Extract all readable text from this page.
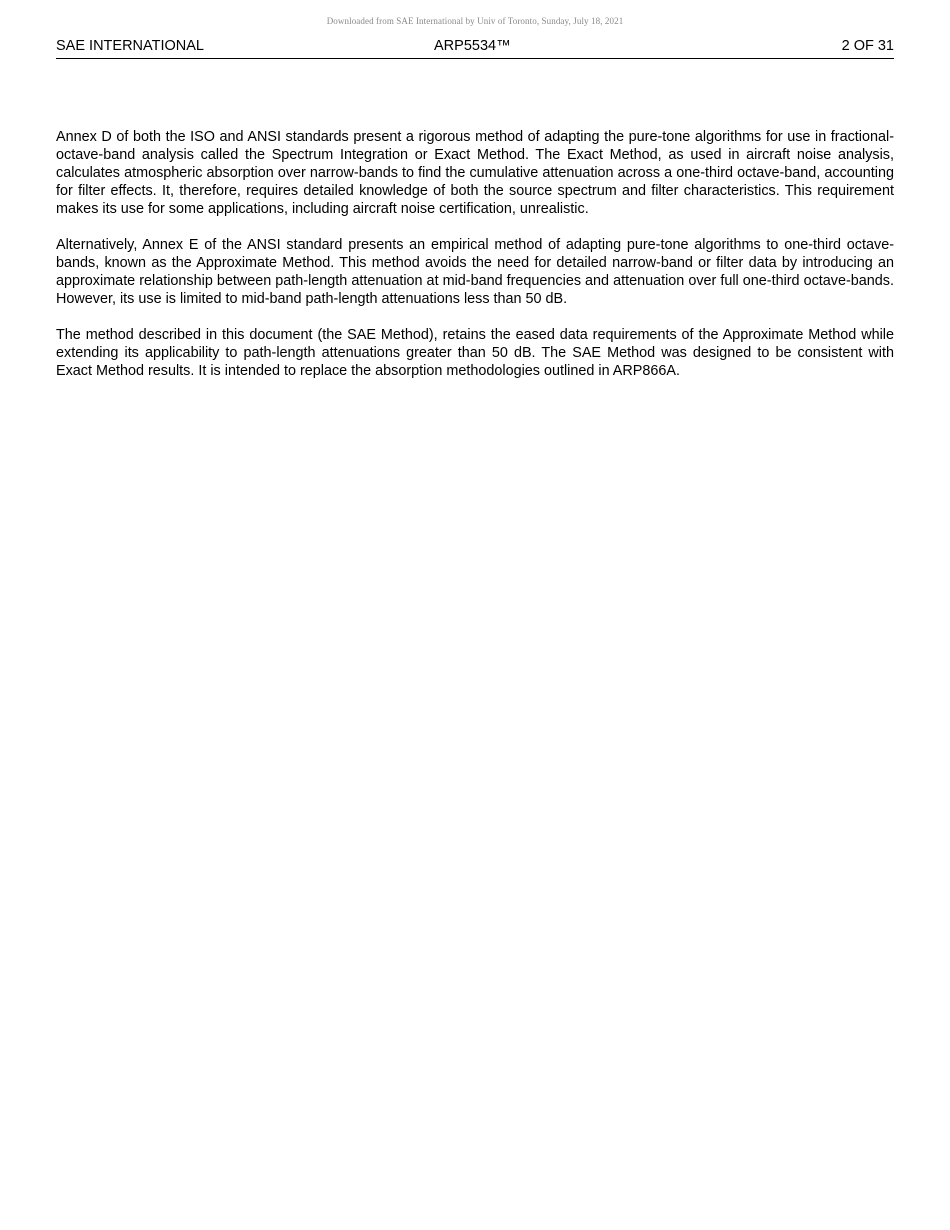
Downloaded from SAE International by Univ of Toronto, Sunday, July 18, 2021
SAE INTERNATIONAL	ARP5534™	2 OF 31

Annex D of both the ISO and ANSI standards present a rigorous method of adapting the pure-tone algorithms for use in fractional-octave-band analysis called the Spectrum Integration or Exact Method. The Exact Method, as used in aircraft noise analysis, calculates atmospheric absorption over narrow-bands to find the cumulative attenuation across a one-third octave-band, accounting for filter effects. It, therefore, requires detailed knowledge of both the source spectrum and filter characteristics. This requirement makes its use for some applications, including aircraft noise certification, unrealistic.

Alternatively, Annex E of the ANSI standard presents an empirical method of adapting pure-tone algorithms to one-third octave-bands, known as the Approximate Method. This method avoids the need for detailed narrow-band or filter data by introducing an approximate relationship between path-length attenuation at mid-band frequencies and attenuation over full one-third octave-bands. However, its use is limited to mid-band path-length attenuations less than 50 dB.

The method described in this document (the SAE Method), retains the eased data requirements of the Approximate Method while extending its applicability to path-length attenuations greater than 50 dB. The SAE Method was designed to be consistent with Exact Method results. It is intended to replace the absorption methodologies outlined in ARP866A.
